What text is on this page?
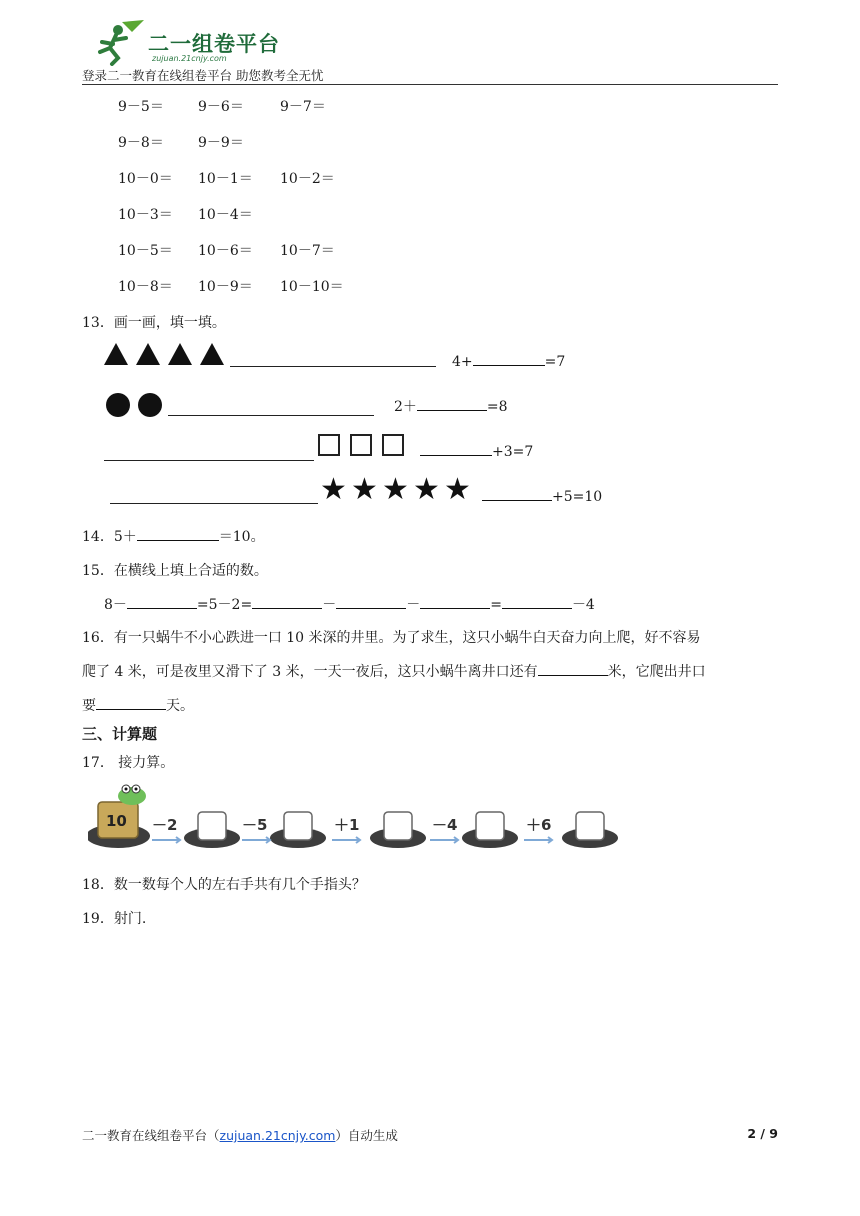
二一组卷平台
zujuan.21cnjy.com
登录二一教育在线组卷平台 助您教考全无忧
9－5＝ 9－6＝	9－7＝
9－8＝ 9－9＝
10－0＝ 10－1＝ 10－2＝
10－3＝ 10－4＝
10－5＝ 10－6＝ 10－7＝
10－8＝ 10－9＝ 10－10＝
13．画一画，填一填。
4+	=7
2＋	=8
+3=7
★ ★ ★ ★ ★	+5=10
14．5＋	＝10。
15．在横线上填上合适的数。
8－	=5－2=	－	－	=	－4
16．有一只蜗牛不小心跌进一口 10 米深的井里。为了求生，这只小蜗牛白天奋力向上爬，好不容易
爬了 4 米，可是夜里又滑下了 3 米，一天一夜后，这只小蜗牛离井口还有	米，它爬出井口
要	天。
三、计算题
17． 接力算。
10 －2	－5	＋1	－4	＋6
18．数一数每个人的左右手共有几个手指头？
19．射门.
二一教育在线组卷平台（zujuan.21cnjy.com）自动生成	2 / 9
